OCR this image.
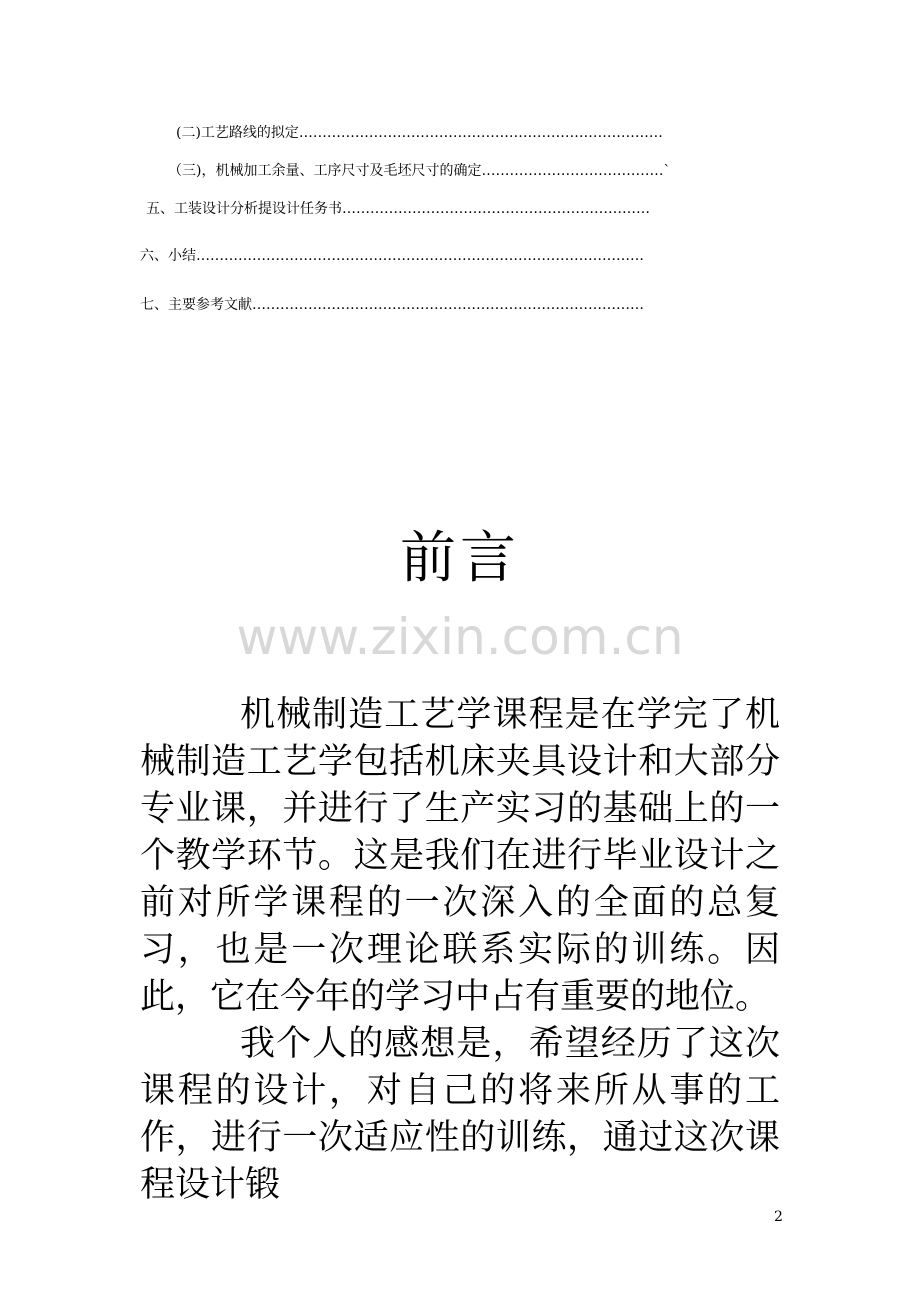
(二)工艺路线的拟定……………………………………………………………………
（三)，机械加工余量、工序尺寸及毛坯尺寸的确定…………………………………`
五、工装设计分析提设计任务书…………………………………………………………
六、小结……………………………………………………………………………………
七、主要参考文献…………………………………………………………………………
前言
www.zixin.com.cn

机械制造工艺学课程是在学完了机械制造工艺学包括机床夹具设计和大部分专业课，并进行了生产实习的基础上的一个教学环节。这是我们在进行毕业设计之前对所学课程的一次深入的全面的总复习，也是一次理论联系实际的训练。因此，它在今年的学习中占有重要的地位。

我个人的感想是，希望经历了这次课程的设计，对自己的将来所从事的工作，进行一次适应性的训练，通过这次课程设计锻

2
